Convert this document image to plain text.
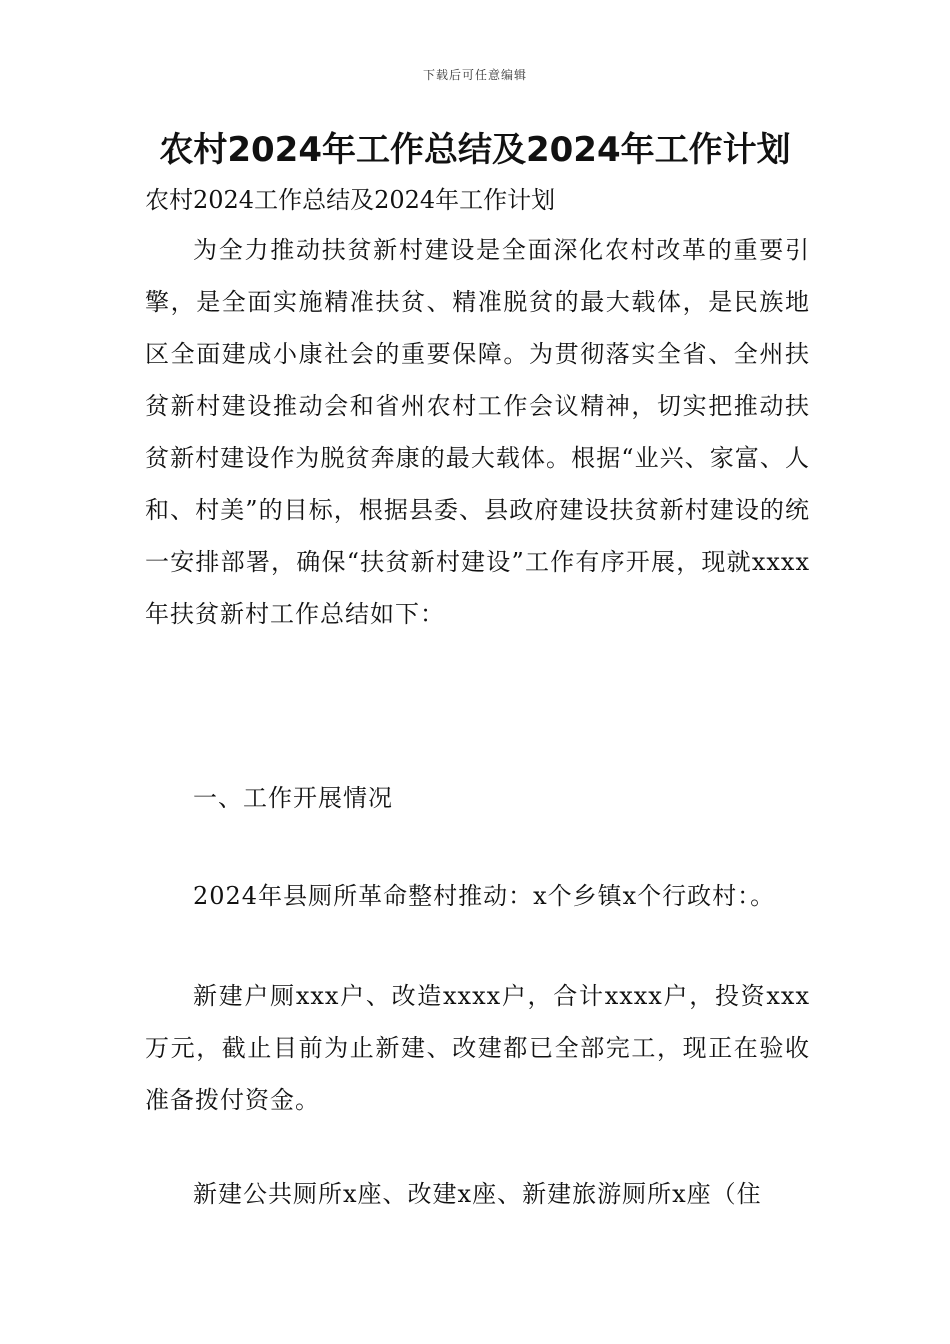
下载后可任意编辑
农村2024年工作总结及2024年工作计划

农村2024工作总结及2024年工作计划

为全力推动扶贫新村建设是全面深化农村改革的重要引擎，是全面实施精准扶贫、精准脱贫的最大载体，是民族地区全面建成小康社会的重要保障。为贯彻落实全省、全州扶贫新村建设推动会和省州农村工作会议精神，切实把推动扶贫新村建设作为脱贫奔康的最大载体。根据“业兴、家富、人和、村美”的目标，根据县委、县政府建设扶贫新村建设的统一安排部署，确保“扶贫新村建设”工作有序开展，现就xxxx年扶贫新村工作总结如下：

一、工作开展情况

2024年县厕所革命整村推动：x个乡镇x个行政村：。

新建户厕xxx户、改造xxxx户，合计xxxx户，投资xxx万元，截止目前为止新建、改建都已全部完工，现正在验收准备拨付资金。

新建公共厕所x座、改建x座、新建旅游厕所x座（住
